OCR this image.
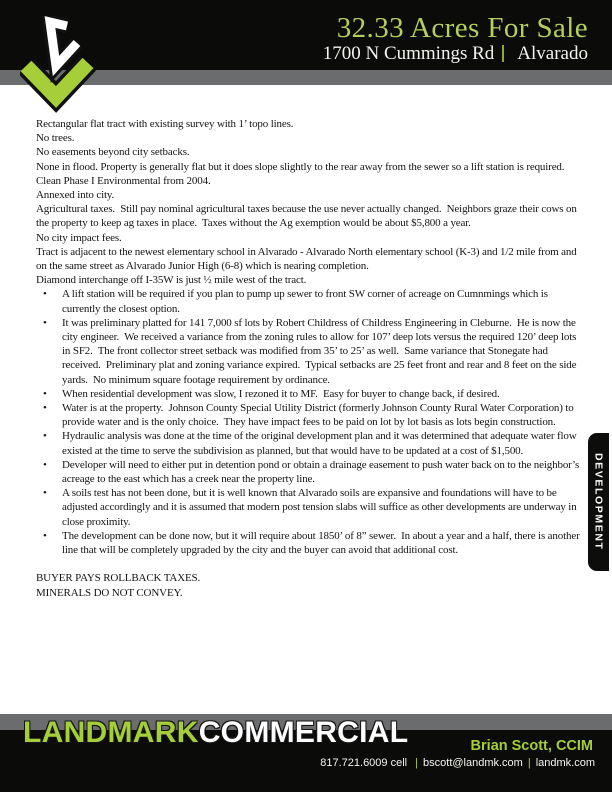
32.33 Acres For Sale
1700 N Cummings Rd Alvarado

Rectangular flat tract with existing survey with 1’ topo lines.

No trees.

No easements beyond city setbacks.

None in flood. Property is generally flat but it does slope slightly to the rear away from the sewer so a lift station is required.

Clean Phase I Environmental from 2004.

Annexed into city.

Agricultural taxes.  Still pay nominal agricultural taxes because the use never actually changed.  Neighbors graze their cows on the property to keep ag taxes in place.  Taxes without the Ag exemption would be about $5,800 a year.

No city impact fees.

Tract is adjacent to the newest elementary school in Alvarado - Alvarado North elementary school (K-3) and 1/2 mile from and on the same street as Alvarado Junior High (6-8) which is nearing completion.

Diamond interchange off I-35W is just ½ mile west of the tract.

• A lift station will be required if you plan to pump up sewer to front SW corner of acreage on Cumnmings which is currently the closest option.
• It was preliminary platted for 141 7,000 sf lots by Robert Childress of Childress Engineering in Cleburne.  He is now the city engineer.  We received a variance from the zoning rules to allow for 107’ deep lots versus the required 120’ deep lots in SF2.  The front collector street setback was modified from 35’ to 25’ as well.  Same variance that Stonegate had received.  Preliminary plat and zoning variance expired.  Typical setbacks are 25 feet front and rear and 8 feet on the side yards.  No minimum square footage requirement by ordinance.
• When residential development was slow, I rezoned it to MF.  Easy for buyer to change back, if desired.
• Water is at the property.  Johnson County Special Utility District (formerly Johnson County Rural Water Corporation) to provide water and is the only choice.  They have impact fees to be paid on lot by lot basis as lots begin construction.
• Hydraulic analysis was done at the time of the original development plan and it was determined that adequate water flow existed at the time to serve the subdivision as planned, but that would have to be updated at a cost of $1,500.
• Developer will need to either put in detention pond or obtain a drainage easement to push water back on to the neighbor’s acreage to the east which has a creek near the property line.
• A soils test has not been done, but it is well known that Alvarado soils are expansive and foundations will have to be adjusted accordingly and it is assumed that modern post tension slabs will suffice as other developments are underway in close proximity.
• The development can be done now, but it will require about 1850’ of 8” sewer.  In about a year and a half, there is another line that will be completely upgraded by the city and the buyer can avoid that additional cost.

BUYER PAYS ROLLBACK TAXES.

MINERALS DO NOT CONVEY.

DEVELOPMENT
LANDMARKCOMMERCIAL	Brian Scott, CCIM
817.721.6009 cell | bscott@landmk.com | landmk.com
